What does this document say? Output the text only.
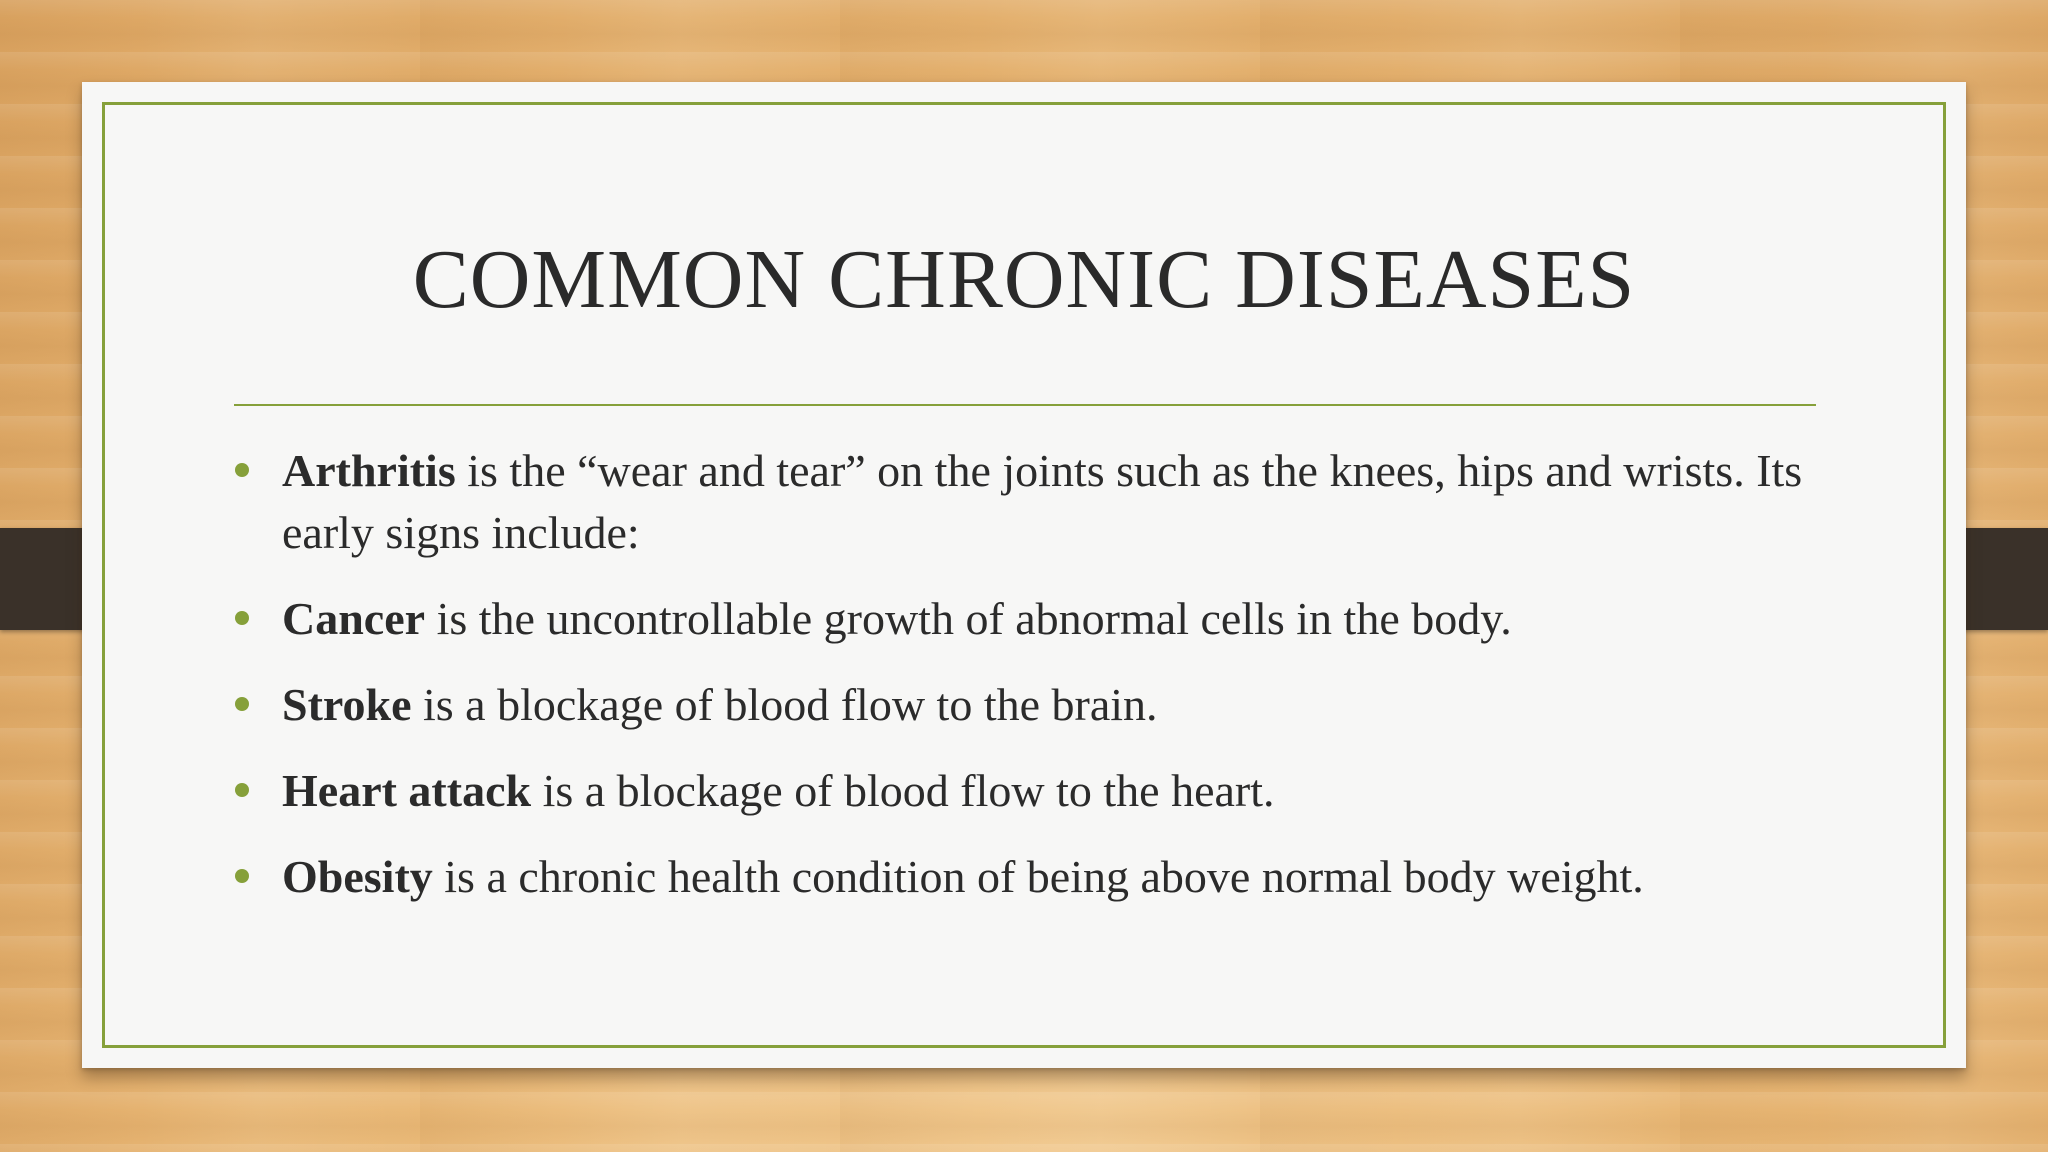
COMMON CHRONIC DISEASES
Arthritis is the “wear and tear” on the joints such as the knees, hips and wrists. Its early signs include:
Cancer is the uncontrollable growth of abnormal cells in the body.
Stroke is a blockage of blood flow to the brain.
Heart attack is a blockage of blood flow to the heart.
Obesity is a chronic health condition of being above normal body weight.
